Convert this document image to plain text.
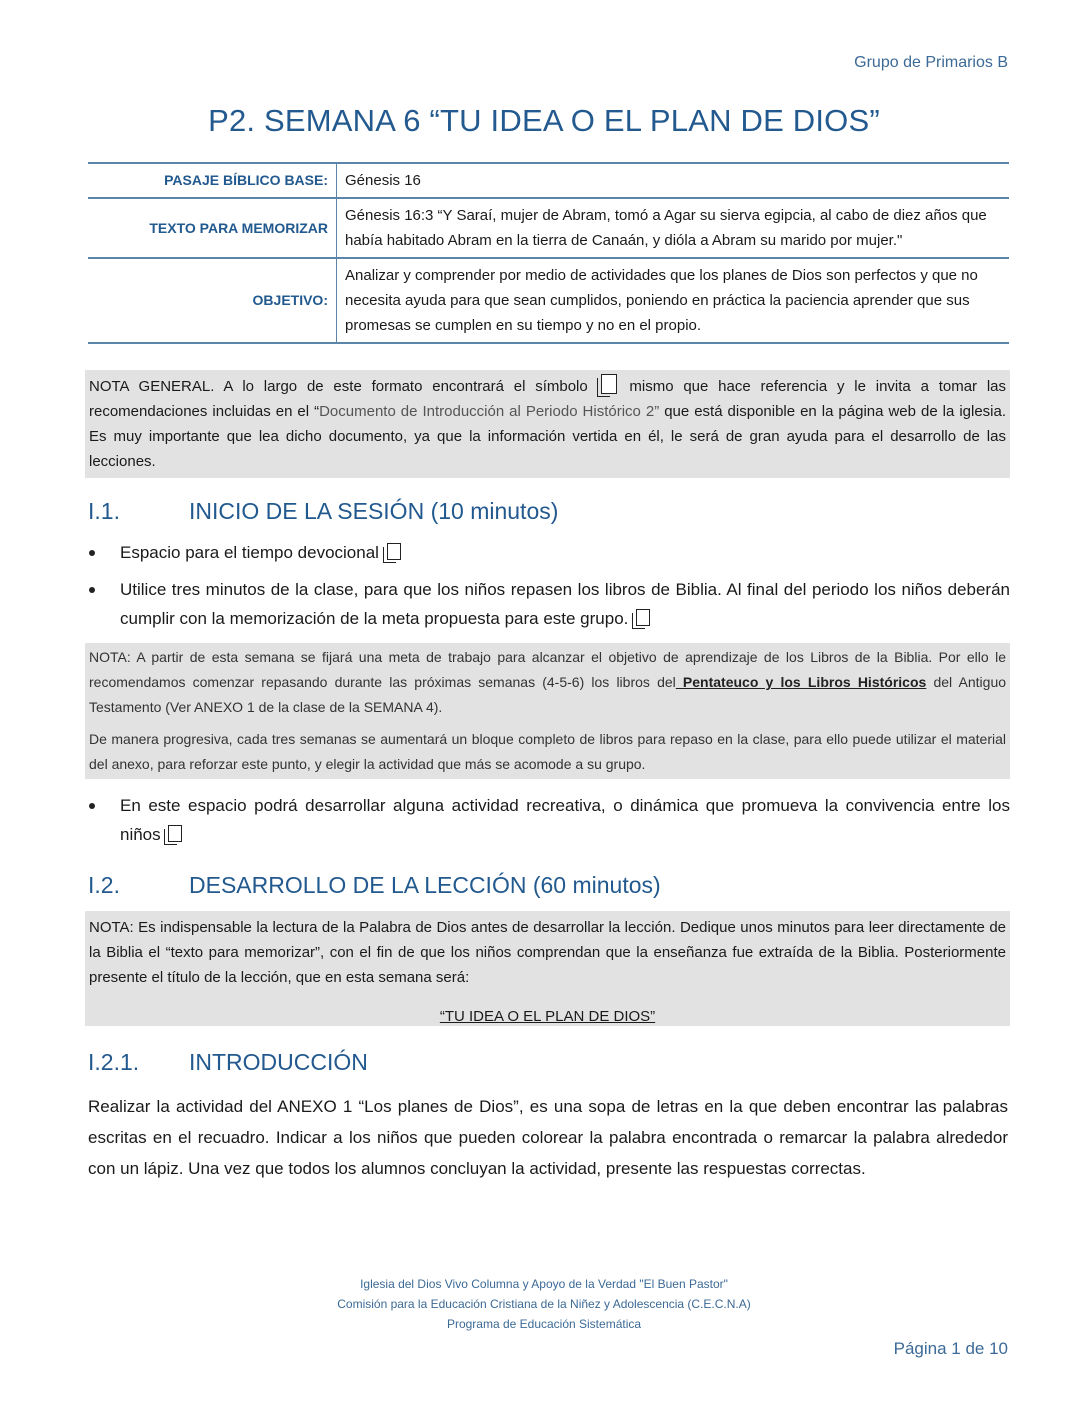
Grupo de Primarios B
P2. SEMANA 6 “TU IDEA O EL PLAN DE DIOS”
PASAJE BÍBLICO BASE:	Génesis 16
TEXTO PARA MEMORIZAR	Génesis 16:3 “Y Saraí, mujer de Abram, tomó a Agar su sierva egipcia, al cabo de diez años que había habitado Abram en la tierra de Canaán, y dióla a Abram su marido por mujer."
OBJETIVO:	Analizar y comprender por medio de actividades que los planes de Dios son perfectos y que no necesita ayuda para que sean cumplidos, poniendo en práctica la paciencia aprender que sus promesas se cumplen en su tiempo y no en el propio.

NOTA GENERAL. A lo largo de este formato encontrará el símbolo	mismo que hace referencia y le invita a tomar las recomendaciones incluidas en el “Documento de Introducción al Periodo Histórico 2” que está disponible en la página web de la iglesia. Es muy importante que lea dicho documento, ya que la información vertida en él, le será de gran ayuda para el desarrollo de las lecciones.

I.1.	INICIO DE LA SESIÓN (10 minutos)
Espacio para el tiempo devocional
Utilice tres minutos de la clase, para que los niños repasen los libros de Biblia. Al final del periodo los niños deberán cumplir con la memorización de la meta propuesta para este grupo.

NOTA: A partir de esta semana se fijará una meta de trabajo para alcanzar el objetivo de aprendizaje de los Libros de la Biblia. Por ello le recomendamos comenzar repasando durante las próximas semanas (4-5-6) los libros del Pentateuco y los Libros Históricos del Antiguo Testamento (Ver ANEXO 1 de la clase de la SEMANA 4).

De manera progresiva, cada tres semanas se aumentará un bloque completo de libros para repaso en la clase, para ello puede utilizar el material del anexo, para reforzar este punto, y elegir la actividad que más se acomode a su grupo.

En este espacio podrá desarrollar alguna actividad recreativa, o dinámica que promueva la convivencia entre los niños
I.2.	DESARROLLO DE LA LECCIÓN (60 minutos)

NOTA: Es indispensable la lectura de la Palabra de Dios antes de desarrollar la lección. Dedique unos minutos para leer directamente de la Biblia el “texto para memorizar”, con el fin de que los niños comprendan que la enseñanza fue extraída de la Biblia. Posteriormente presente el título de la lección, que en esta semana será:

“TU IDEA O EL PLAN DE DIOS”

I.2.1. INTRODUCCIÓN

Realizar la actividad del ANEXO 1 “Los planes de Dios”, es una sopa de letras en la que deben encontrar las palabras escritas en el recuadro. Indicar a los niños que pueden colorear la palabra encontrada o remarcar la palabra alrededor con un lápiz. Una vez que todos los alumnos concluyan la actividad, presente las respuestas correctas.

Iglesia del Dios Vivo Columna y Apoyo de la Verdad "El Buen Pastor"
Comisión para la Educación Cristiana de la Niñez y Adolescencia (C.E.C.N.A)
Programa de Educación Sistemática
Página 1 de 10
